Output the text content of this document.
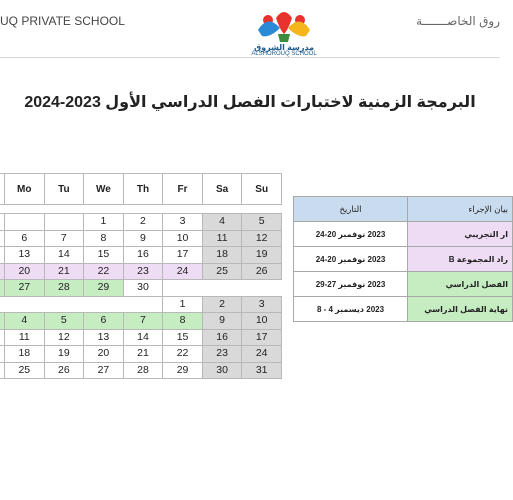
UQ PRIVATE SCHOOL
مدرسة الشروق
ALSHOROUQ SCHOOL
روق الخاصـــــــة
البرمجة الزمنية لاختبارات الفصل الدراسي الأول 2023-2024
	Mo	Tu	We	Th	Fr	Sa	Su

			1	2	3	4	5
	6	7	8	9	10	11	12
	13	14	15	16	17	18	19
	20	21	22	23	24	25	26
	27	28	29	30			
					1	2	3
	4	5	6	7	8	9	10
	11	12	13	14	15	16	17
	18	19	20	21	22	23	24
	25	26	27	28	29	30	31
التاريخ	بيان الإجراء
2023 نوفمبر 20-24	ار التجريبي
2023 نوفمبر 20-24	راد المجموعة B
2023 نوفمبر 27-29	الفصل الدراسي
2023 ديسمبر 4 - 8	نهاية الفصل الدراسي
